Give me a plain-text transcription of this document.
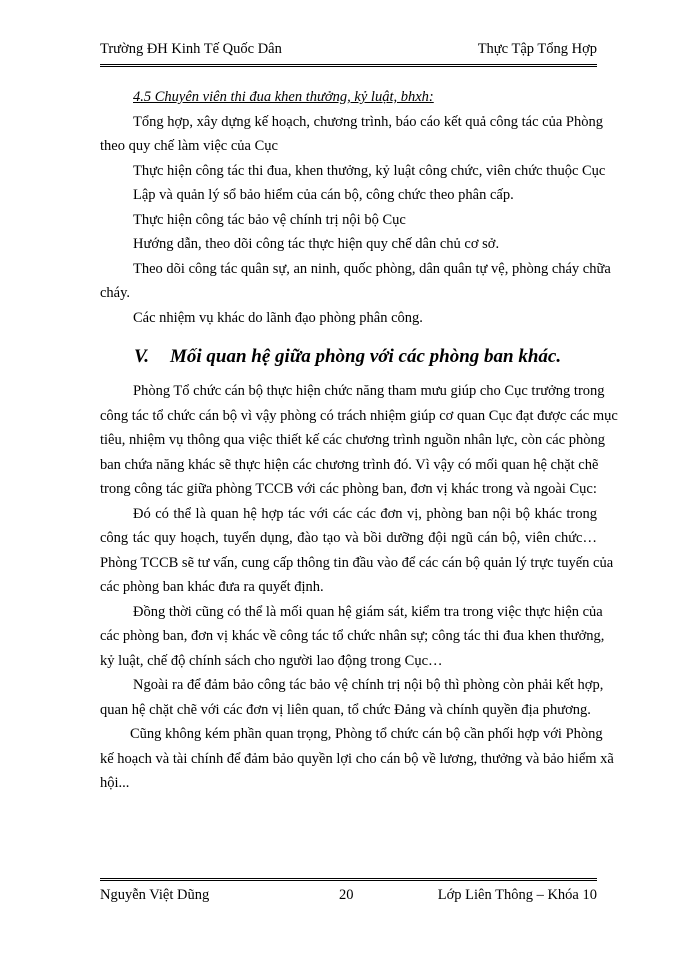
Trường ĐH Kinh Tế Quốc Dân	Thực Tập Tổng Hợp
4.5 Chuyên viên thi đua khen thưởng, kỷ luật, bhxh:
Tổng hợp, xây dựng kế hoạch, chương trình, báo cáo kết quả công tác của Phòng
theo quy chế làm việc của Cục
Thực hiện công tác thi đua, khen thưởng, kỷ luật công chức, viên chức thuộc Cục
Lập và quản lý sổ bảo hiểm của cán bộ, công chức theo phân cấp.
Thực hiện công tác bảo vệ chính trị nội bộ Cục
Hướng dẫn, theo dõi công tác thực hiện quy chế dân chủ cơ sở.
Theo dõi công tác quân sự, an ninh, quốc phòng, dân quân tự vệ, phòng cháy chữa
cháy.
Các nhiệm vụ khác do lãnh đạo phòng phân công.
V. Mối quan hệ giữa phòng với các phòng ban khác.
Phòng Tổ chức cán bộ thực hiện chức năng tham mưu giúp cho Cục trưởng trong
công tác tổ chức cán bộ vì vậy phòng có trách nhiệm giúp cơ quan Cục đạt được các mục
tiêu, nhiệm vụ thông qua việc thiết kế các chương trình nguồn nhân lực, còn các phòng
ban chứa năng khác sẽ thực hiện các chương trình đó. Vì vậy có mối quan hệ chặt chẽ
trong công tác giữa phòng TCCB với các phòng ban, đơn vị khác trong và ngoài Cục:
Đó có thể là quan hệ hợp tác với các các đơn vị, phòng ban nội bộ khác trong
công tác quy hoạch, tuyển dụng, đào tạo và bồi dưỡng đội ngũ cán bộ, viên chức…
Phòng TCCB sẽ tư vấn, cung cấp thông tin đầu vào để các cán bộ quản lý trực tuyến của
các phòng ban khác đưa ra quyết định.
Đồng thời cũng có thể là mối quan hệ giám sát, kiểm tra trong việc thực hiện của
các phòng ban, đơn vị khác về công tác tổ chức nhân sự; công tác thi đua khen thưởng,
kỷ luật, chế độ chính sách cho người lao động trong Cục…
Ngoài ra để đảm bảo công tác bảo vệ chính trị nội bộ thì phòng còn phải kết hợp,
quan hệ chặt chẽ với các đơn vị liên quan, tổ chức Đảng và chính quyền địa phương.
Cũng không kém phần quan trọng, Phòng tổ chức cán bộ cần phối hợp với Phòng
kế hoạch và tài chính để đảm bảo quyền lợi cho cán bộ về lương, thưởng và bảo hiểm xã
hội...
Nguyễn Việt Dũng	20	Lớp Liên Thông – Khóa 10
